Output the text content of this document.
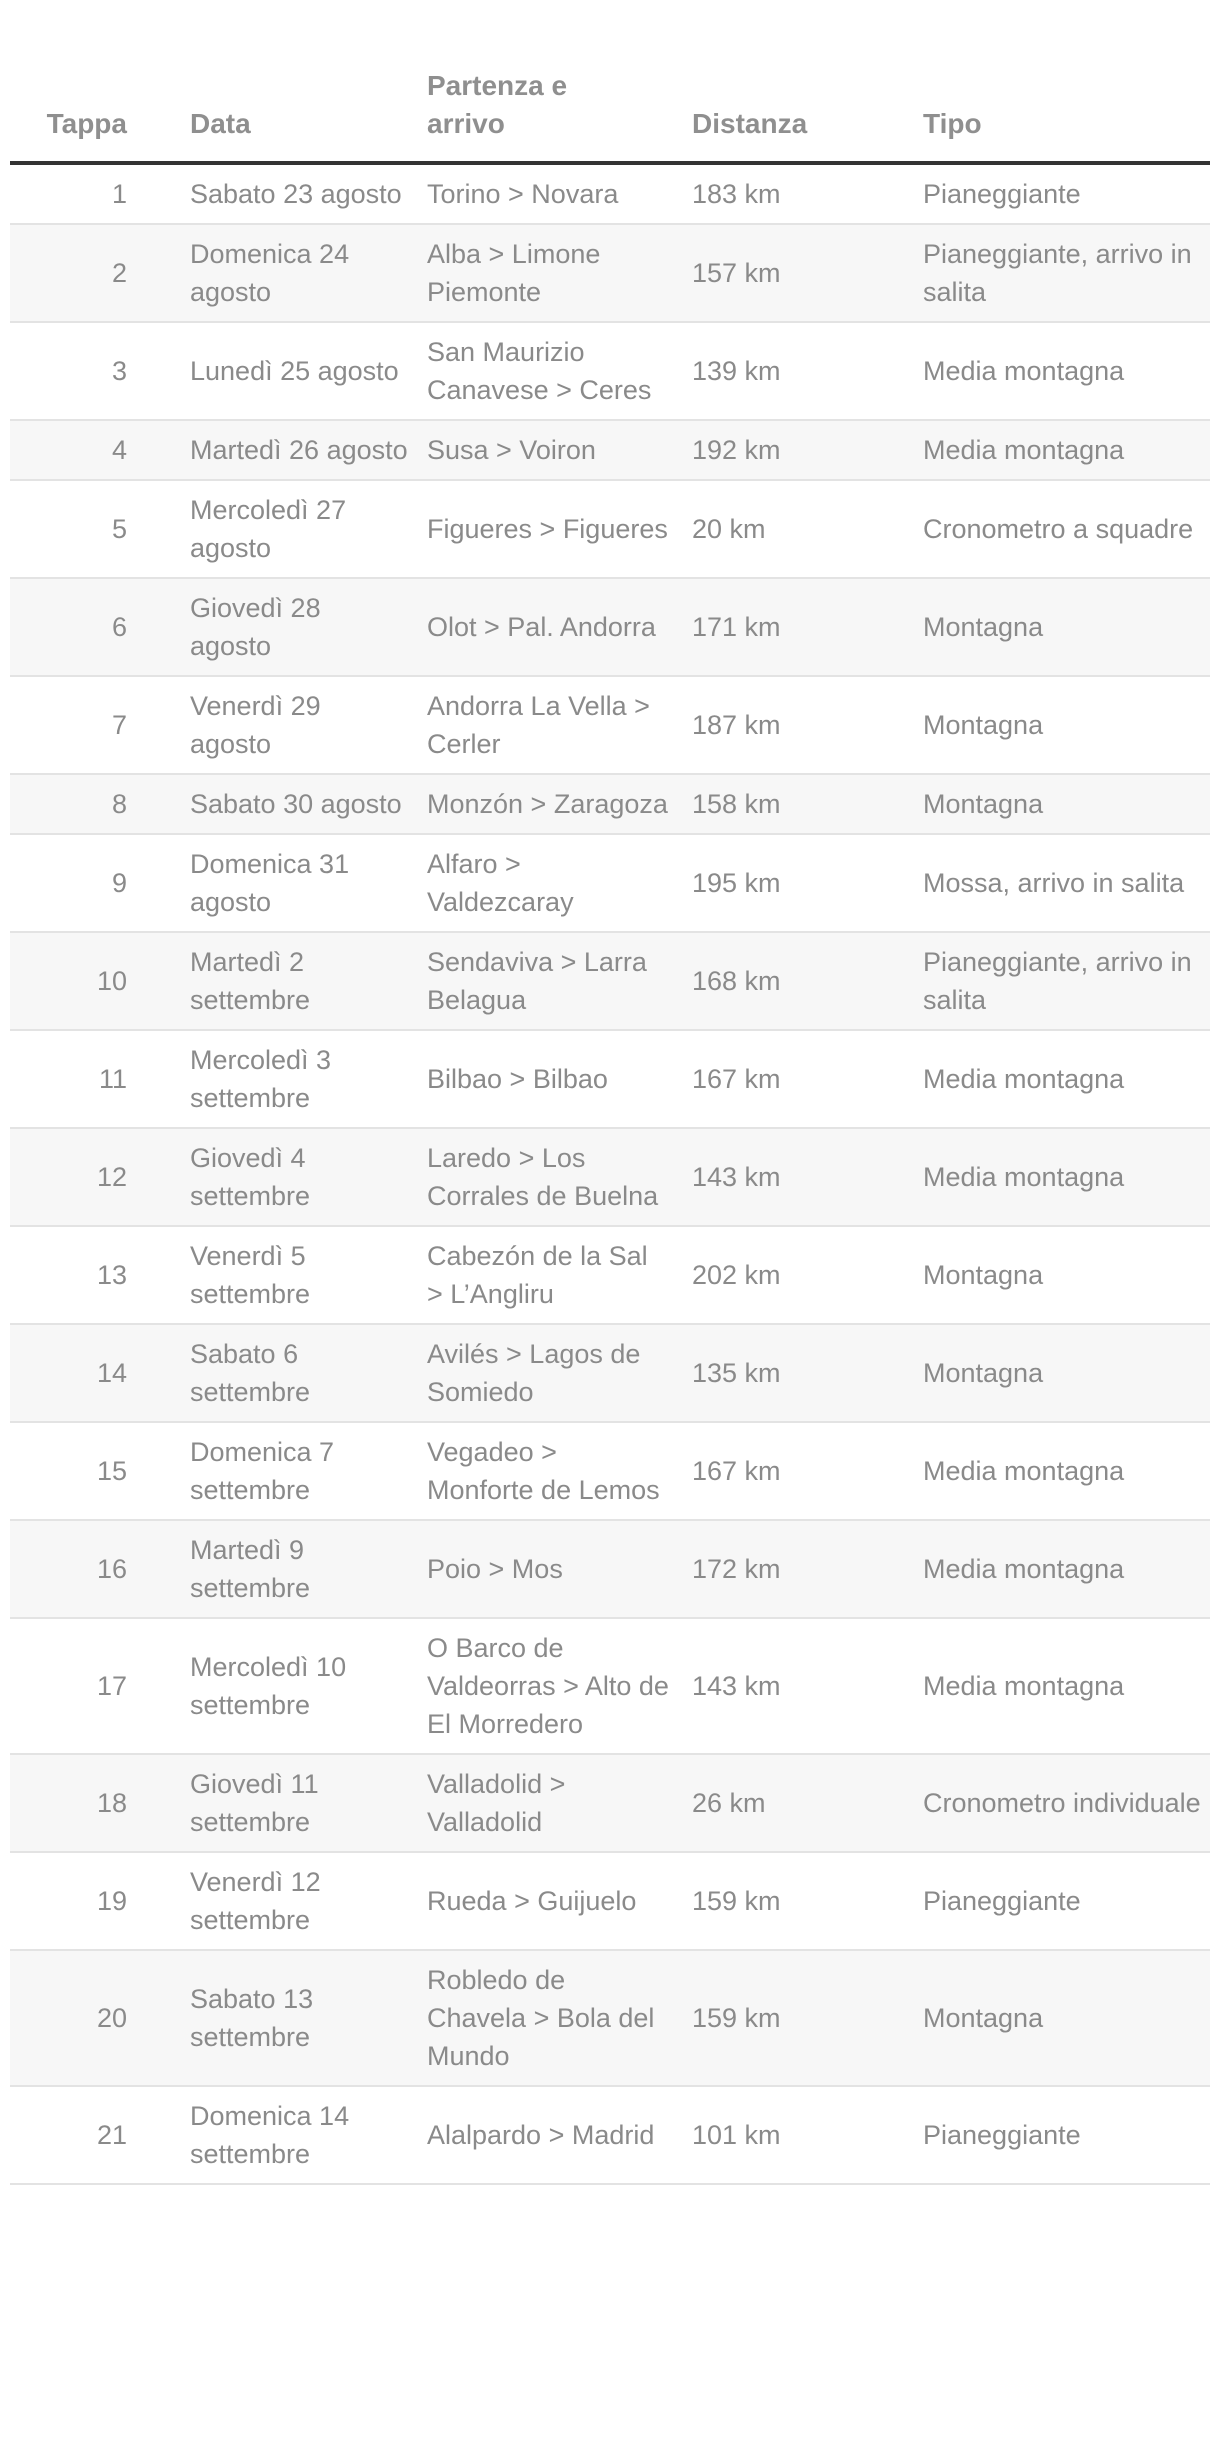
Tappa	Data	Partenza e arrivo	Distanza	Tipo
1	Sabato 23 agosto	Torino > Novara	183 km	Pianeggiante
2	Domenica 24 agosto	Alba > Limone Piemonte	157 km	Pianeggiante, arrivo in salita
3	Lunedì 25 agosto	San Maurizio Canavese > Ceres	139 km	Media montagna
4	Martedì 26 agosto	Susa > Voiron	192 km	Media montagna
5	Mercoledì 27 agosto	Figueres > Figueres	20 km	Cronometro a squadre
6	Giovedì 28 agosto	Olot > Pal. Andorra	171 km	Montagna
7	Venerdì 29 agosto	Andorra La Vella > Cerler	187 km	Montagna
8	Sabato 30 agosto	Monzón > Zaragoza	158 km	Montagna
9	Domenica 31 agosto	Alfaro > Valdezcaray	195 km	Mossa, arrivo in salita
10	Martedì 2 settembre	Sendaviva > Larra Belagua	168 km	Pianeggiante, arrivo in salita
11	Mercoledì 3 settembre	Bilbao > Bilbao	167 km	Media montagna
12	Giovedì 4 settembre	Laredo > Los Corrales de Buelna	143 km	Media montagna
13	Venerdì 5 settembre	Cabezón de la Sal > L’Angliru	202 km	Montagna
14	Sabato 6 settembre	Avilés > Lagos de Somiedo	135 km	Montagna
15	Domenica 7 settembre	Vegadeo > Monforte de Lemos	167 km	Media montagna
16	Martedì 9 settembre	Poio > Mos	172 km	Media montagna
17	Mercoledì 10 settembre	O Barco de Valdeorras > Alto de El Morredero	143 km	Media montagna
18	Giovedì 11 settembre	Valladolid > Valladolid	26 km	Cronometro individuale
19	Venerdì 12 settembre	Rueda > Guijuelo	159 km	Pianeggiante
20	Sabato 13 settembre	Robledo de Chavela > Bola del Mundo	159 km	Montagna
21	Domenica 14 settembre	Alalpardo > Madrid	101 km	Pianeggiante
